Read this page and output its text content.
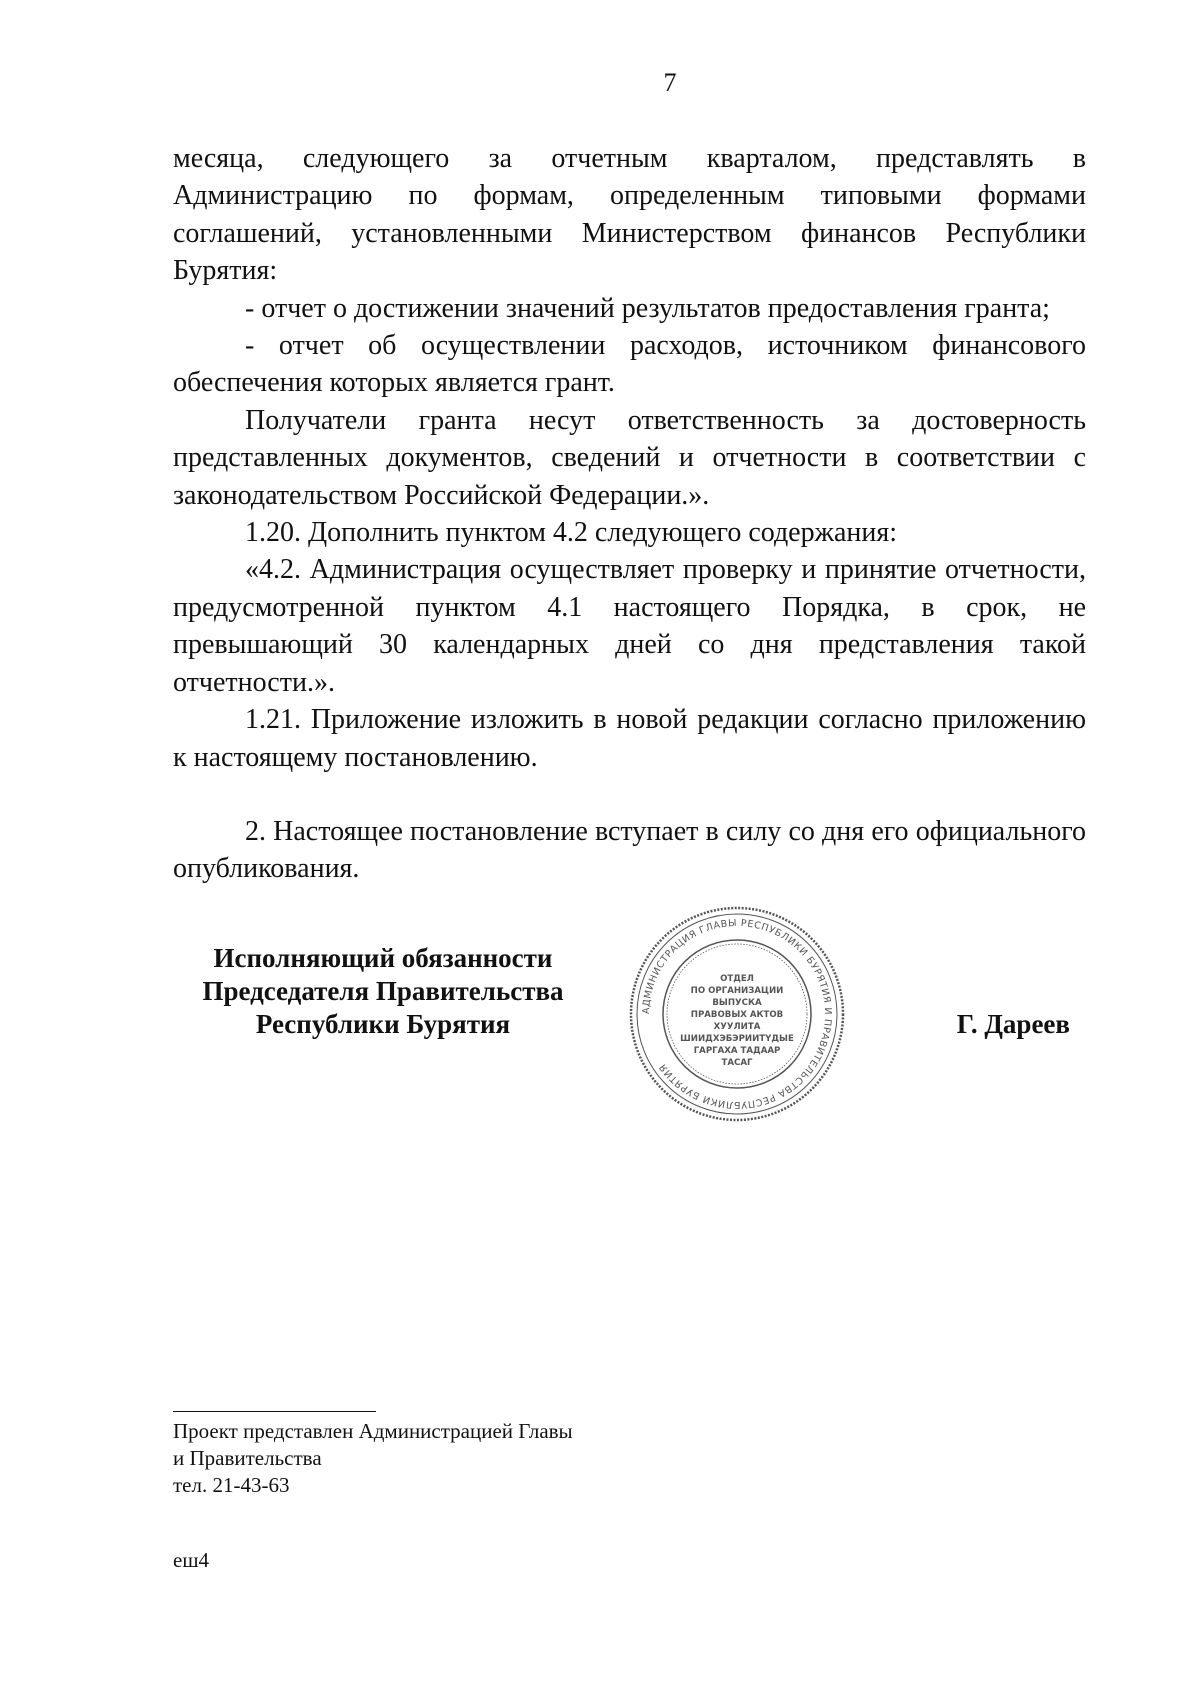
7

месяца, следующего за отчетным кварталом, представлять в Администрацию по формам, определенным типовыми формами соглашений, установленными Министерством финансов Республики Бурятия:

- отчет о достижении значений результатов предоставления гранта;

- отчет об осуществлении расходов, источником финансового обеспечения которых является грант.

Получатели гранта несут ответственность за достоверность представленных документов, сведений и отчетности в соответствии с законодательством Российской Федерации.».

1.20. Дополнить пунктом 4.2 следующего содержания:

«4.2. Администрация осуществляет проверку и принятие отчетности, предусмотренной пунктом 4.1 настоящего Порядка, в срок, не превышающий 30 календарных дней со дня представления такой отчетности.».

1.21. Приложение изложить в новой редакции согласно приложению к настоящему постановлению.

2. Настоящее постановление вступает в силу со дня его официального опубликования.

Исполняющий обязанности
Председателя Правительства
Республики Бурятия	АДМИНИСТРАЦИЯ ГЛАВЫ РЕСПУБЛИКИ БУРЯТИЯ И ПРАВИТЕЛЬСТВА РЕСПУБЛИКИ БУРЯТИЯ
ОТДЕЛ
ПО ОРГАНИЗАЦИИ
ВЫПУСКА
ПРАВОВЫХ АКТОВ
ХУУЛИТА
ШИИДХЭБЭРИИТҮДЫЕ
ГАРГАХА ТАДААР
ТАСАГ
Г. Дареев
Проект представлен Администрацией Главы
и Правительства
тел. 21-43-63
еш4
